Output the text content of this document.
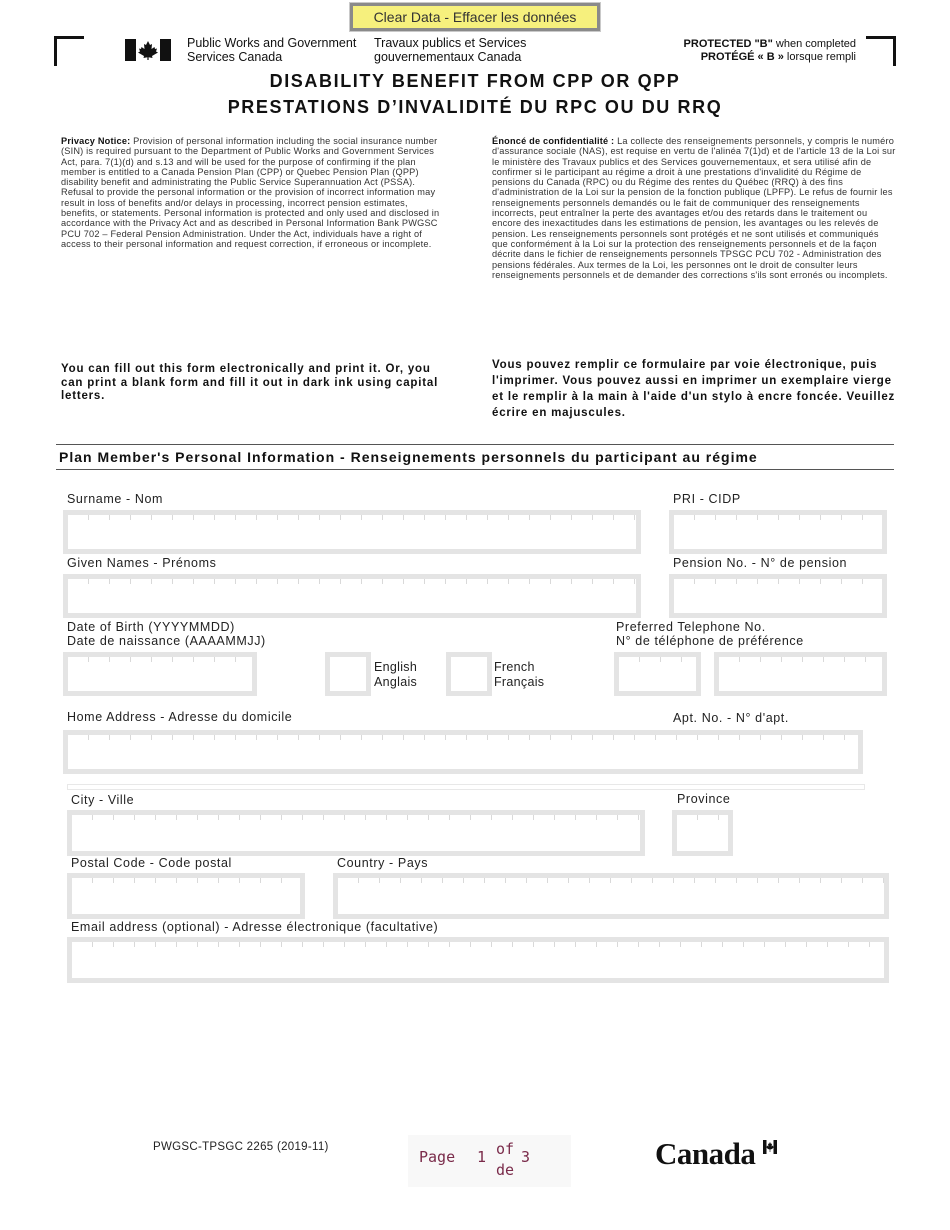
Clear Data - Effacer les données
Public Works and Government
Services Canada
Travaux publics et Services
gouvernementaux Canada
PROTECTED "B" when completed
PROTÉGÉ « B » lorsque rempli
DISABILITY BENEFIT FROM CPP OR QPP
PRESTATIONS D’INVALIDITÉ DU RPC OU DU RRQ
Privacy Notice: Provision of personal information including the social insurance number (SIN) is required pursuant to the Department of Public Works and Government Services Act, para. 7(1)(d) and s.13 and will be used for the purpose of confirming if the plan member is entitled to a Canada Pension Plan (CPP) or Quebec Pension Plan (QPP) disability benefit and administrating the Public Service Superannuation Act (PSSA). Refusal to provide the personal information or the provision of incorrect information may result in loss of benefits and/or delays in processing, incorrect pension estimates, benefits, or statements. Personal information is protected and only used and disclosed in accordance with the Privacy Act and as described in Personal Information Bank PWGSC PCU 702 – Federal Pension Administration. Under the Act, individuals have a right of access to their personal information and request correction, if erroneous or incomplete.
Énoncé de confidentialité : La collecte des renseignements personnels, y compris le numéro d'assurance sociale (NAS), est requise en vertu de l'alinéa 7(1)d) et de l'article 13 de la Loi sur le ministère des Travaux publics et des Services gouvernementaux, et sera utilisé afin de confirmer si le participant au régime a droit à une prestations d'invalidité du Régime de pensions du Canada (RPC) ou du Régime des rentes du Québec (RRQ) à des fins d'administration de la Loi sur la pension de la fonction publique (LPFP). Le refus de fournir les renseignements personnels demandés ou le fait de communiquer des renseignements incorrects, peut entraîner la perte des avantages et/ou des retards dans le traitement ou encore des inexactitudes dans les estimations de pension, les avantages ou les relevés de pension. Les renseignements personnels sont protégés et ne sont utilisés et communiqués que conformément à la Loi sur la protection des renseignements personnels et de la façon décrite dans le fichier de renseignements personnels TPSGC PCU 702 - Administration des pensions fédérales. Aux termes de la Loi, les personnes ont le droit de consulter leurs renseignements personnels et de demander des corrections s'ils sont erronés ou incomplets.
You can fill out this form electronically and print it. Or, you can print a blank form and fill it out in dark ink using capital letters.
Vous pouvez remplir ce formulaire par voie électronique, puis l'imprimer. Vous pouvez aussi en imprimer un exemplaire vierge et le remplir à la main à l'aide d'un stylo à encre foncée. Veuillez écrire en majuscules.
Plan Member's Personal Information - Renseignements personnels du participant au régime
Surname - Nom	PRI - CIDP
Given Names - Prénoms	Pension No. - N° de pension
Date of Birth (YYYYMMDD)
Date de naissance (AAAAMMJJ)
English
Anglais
French
Français
Preferred Telephone No.
N° de téléphone de préférence
Home Address - Adresse du domicile	Apt. No. - N° d'apt.
City - Ville	Province
Postal Code - Code postal	Country - Pays
Email address (optional) - Adresse électronique (facultative)
PWGSC-TPSGC 2265 (2019-11)
Page 1 of
de
3	Canada
